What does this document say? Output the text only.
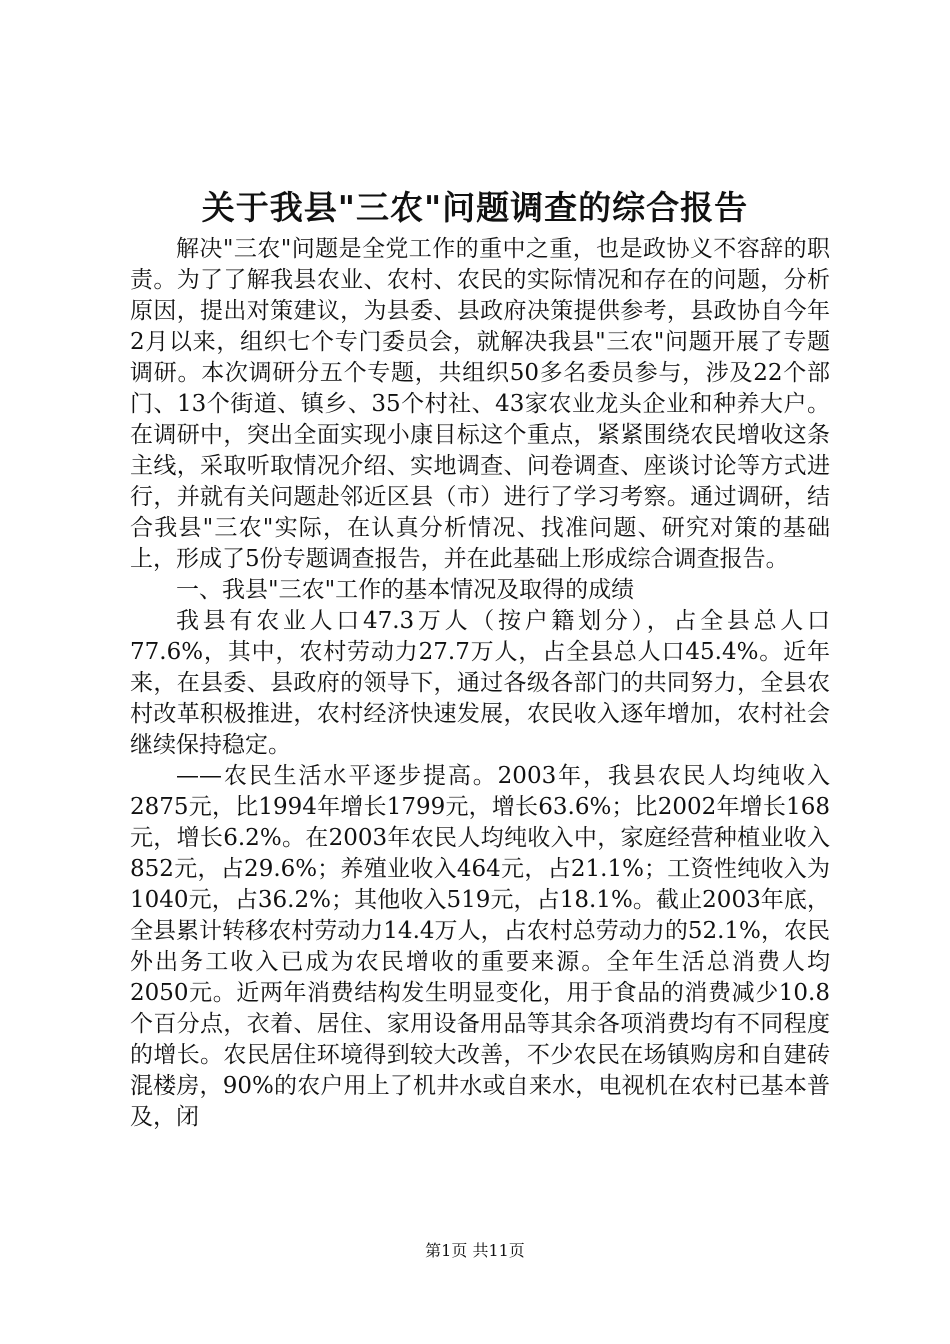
关于我县"三农"问题调查的综合报告

解决"三农"问题是全党工作的重中之重，也是政协义不容辞的职责。为了了解我县农业、农村、农民的实际情况和存在的问题，分析原因，提出对策建议，为县委、县政府决策提供参考，县政协自今年2月以来，组织七个专门委员会，就解决我县"三农"问题开展了专题调研。本次调研分五个专题，共组织50多名委员参与，涉及22个部门、13个街道、镇乡、35个村社、43家农业龙头企业和种养大户。在调研中，突出全面实现小康目标这个重点，紧紧围绕农民增收这条主线，采取听取情况介绍、实地调查、问卷调查、座谈讨论等方式进行，并就有关问题赴邻近区县（市）进行了学习考察。通过调研，结合我县"三农"实际，在认真分析情况、找准问题、研究对策的基础上，形成了5份专题调查报告，并在此基础上形成综合调查报告。

一、我县"三农"工作的基本情况及取得的成绩

我县有农业人口47.3万人（按户籍划分），占全县总人口77.6%，其中，农村劳动力27.7万人，占全县总人口45.4%。近年来，在县委、县政府的领导下，通过各级各部门的共同努力，全县农村改革积极推进，农村经济快速发展，农民收入逐年增加，农村社会继续保持稳定。

——农民生活水平逐步提高。2003年，我县农民人均纯收入2875元，比1994年增长1799元，增长63.6%；比2002年增长168元，增长6.2%。在2003年农民人均纯收入中，家庭经营种植业收入852元，占29.6%；养殖业收入464元，占21.1%；工资性纯收入为1040元，占36.2%；其他收入519元，占18.1%。截止2003年底，全县累计转移农村劳动力14.4万人，占农村总劳动力的52.1%，农民外出务工收入已成为农民增收的重要来源。全年生活总消费人均2050元。近两年消费结构发生明显变化，用于食品的消费减少10.8个百分点，衣着、居住、家用设备用品等其余各项消费均有不同程度的增长。农民居住环境得到较大改善，不少农民在场镇购房和自建砖混楼房，90%的农户用上了机井水或自来水，电视机在农村已基本普及，闭

第1页 共11页
